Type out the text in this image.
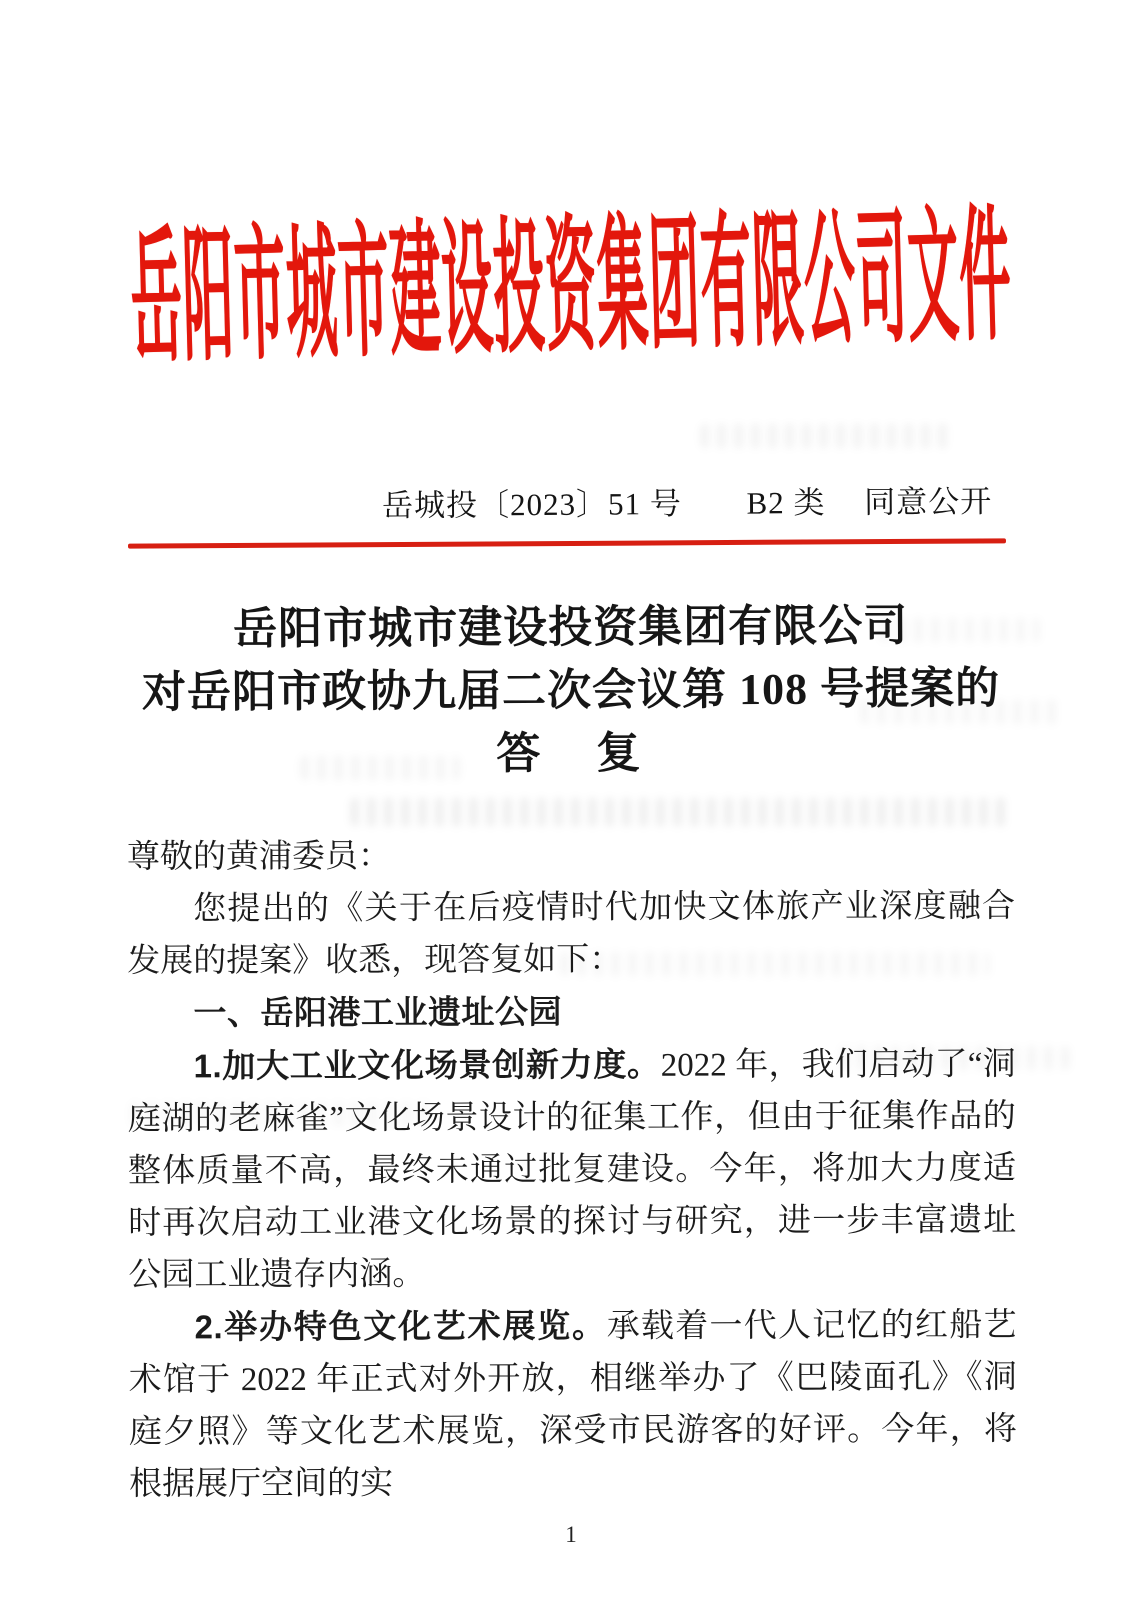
岳阳市城市建设投资集团有限公司文件
岳城投〔2023〕51 号 B2 类 同意公开
岳阳市城市建设投资集团有限公司
对岳阳市政协九届二次会议第 108 号提案的
答　复

尊敬的黄浦委员：

您提出的《关于在后疫情时代加快文体旅产业深度融合发展的提案》收悉，现答复如下：

一、岳阳港工业遗址公园

1.加大工业文化场景创新力度。2022 年，我们启动了“洞庭湖的老麻雀”文化场景设计的征集工作，但由于征集作品的整体质量不高，最终未通过批复建设。今年，将加大力度适时再次启动工业港文化场景的探讨与研究，进一步丰富遗址公园工业遗存内涵。

2.举办特色文化艺术展览。承载着一代人记忆的红船艺术馆于 2022 年正式对外开放，相继举办了《巴陵面孔》《洞庭夕照》等文化艺术展览，深受市民游客的好评。今年，将根据展厅空间的实

1
